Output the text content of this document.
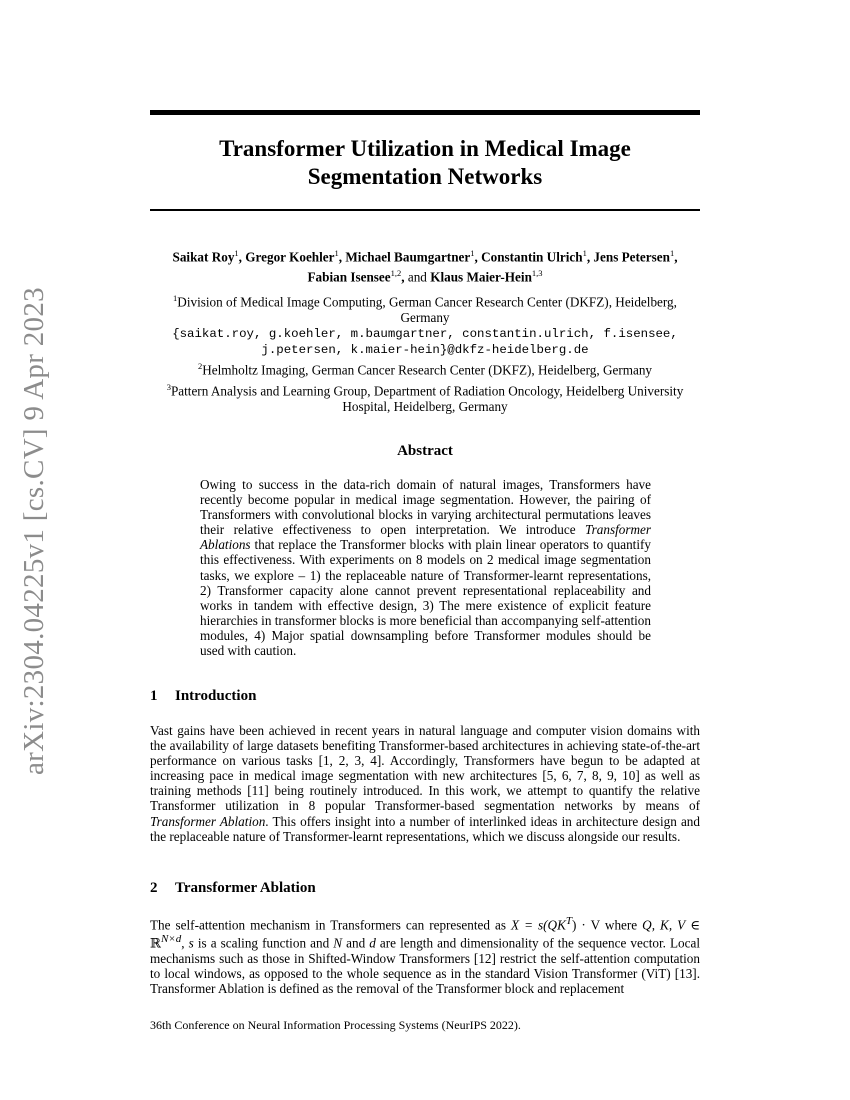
arXiv:2304.04225v1 [cs.CV] 9 Apr 2023
Transformer Utilization in Medical Image
Segmentation Networks
Saikat Roy$^1$, Gregor Koehler$^1$, Michael Baumgartner$^1$, Constantin Ulrich$^1$, Jens Petersen$^1$,
Fabian Isensee$^{1,2}$, and Klaus Maier-Hein$^{1,3}$
$^1$Division of Medical Image Computing, German Cancer Research Center (DKFZ), Heidelberg,
Germany
{saikat.roy, g.koehler, m.baumgartner, constantin.ulrich, f.isensee,
j.petersen, k.maier-hein}@dkfz-heidelberg.de
$^2$Helmholtz Imaging, German Cancer Research Center (DKFZ), Heidelberg, Germany
$^3$Pattern Analysis and Learning Group, Department of Radiation Oncology, Heidelberg University
Hospital, Heidelberg, Germany
Abstract
Owing to success in the data-rich domain of natural images, Transformers have recently become popular in medical image segmentation. However, the pairing of Transformers with convolutional blocks in varying architectural permutations leaves their relative effectiveness to open interpretation. We introduce Transformer Ablations that replace the Transformer blocks with plain linear operators to quantify this effectiveness. With experiments on 8 models on 2 medical image segmentation tasks, we explore – 1) the replaceable nature of Transformer-learnt representations, 2) Transformer capacity alone cannot prevent representational replaceability and works in tandem with effective design, 3) The mere existence of explicit feature hierarchies in transformer blocks is more beneficial than accompanying self-attention modules, 4) Major spatial downsampling before Transformer modules should be used with caution.
1 Introduction
Vast gains have been achieved in recent years in natural language and computer vision domains with the availability of large datasets benefiting Transformer-based architectures in achieving state-of-the-art performance on various tasks [1, 2, 3, 4]. Accordingly, Transformers have begun to be adapted at increasing pace in medical image segmentation with new architectures [5, 6, 7, 8, 9, 10] as well as training methods [11] being routinely introduced. In this work, we attempt to quantify the relative Transformer utilization in 8 popular Transformer-based segmentation networks by means of Transformer Ablation. This offers insight into a number of interlinked ideas in architecture design and the replaceable nature of Transformer-learnt representations, which we discuss alongside our results.
2 Transformer Ablation
The self-attention mechanism in Transformers can represented as $X = s(QK^T) \cdot V$ where Q, K, V ∈ ℝ$^{N\times d}$, s is a scaling function and N and d are length and dimensionality of the sequence vector. Local mechanisms such as those in Shifted-Window Transformers [12] restrict the self-attention computation to local windows, as opposed to the whole sequence as in the standard Vision Transformer (ViT) [13]. Transformer Ablation is defined as the removal of the Transformer block and replacement
36th Conference on Neural Information Processing Systems (NeurIPS 2022).
